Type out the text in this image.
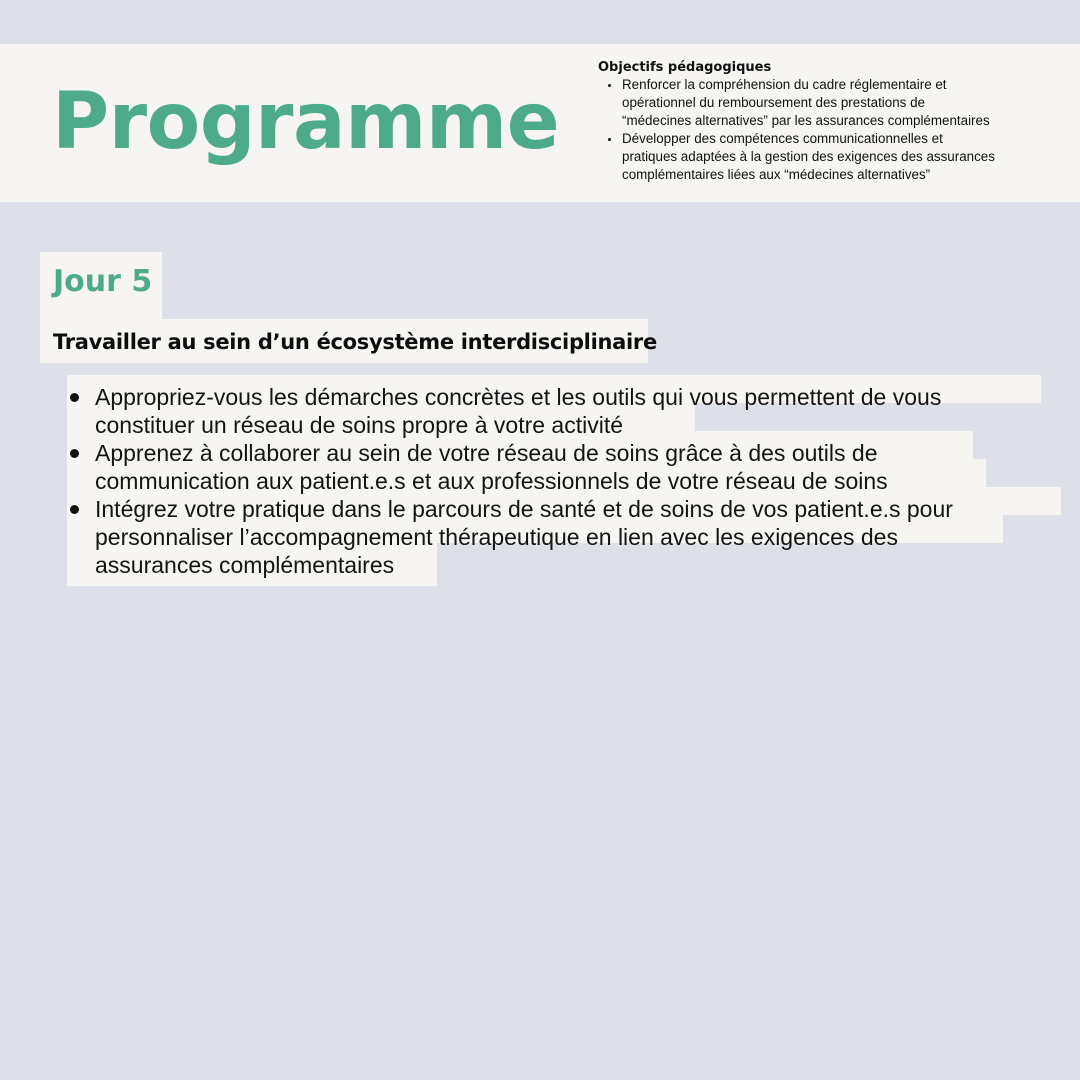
Programme

Objectifs pédagogiques

Renforcer la compréhension du cadre réglementaire et
opérationnel du remboursement des prestations de
“médecines alternatives” par les assurances complémentaires
Développer des compétences communicationnelles et
pratiques adaptées à la gestion des exigences des assurances
complémentaires liées aux “médecines alternatives”
Jour 5
Travailler au sein d’un écosystème interdisciplinaire
Appropriez-vous les démarches concrètes et les outils qui vous permettent de vous
constituer un réseau de soins propre à votre activité
Apprenez à collaborer au sein de votre réseau de soins grâce à des outils de
communication aux patient.e.s et aux professionnels de votre réseau de soins
Intégrez votre pratique dans le parcours de santé et de soins de vos patient.e.s pour
personnaliser l’accompagnement thérapeutique en lien avec les exigences des
assurances complémentaires
